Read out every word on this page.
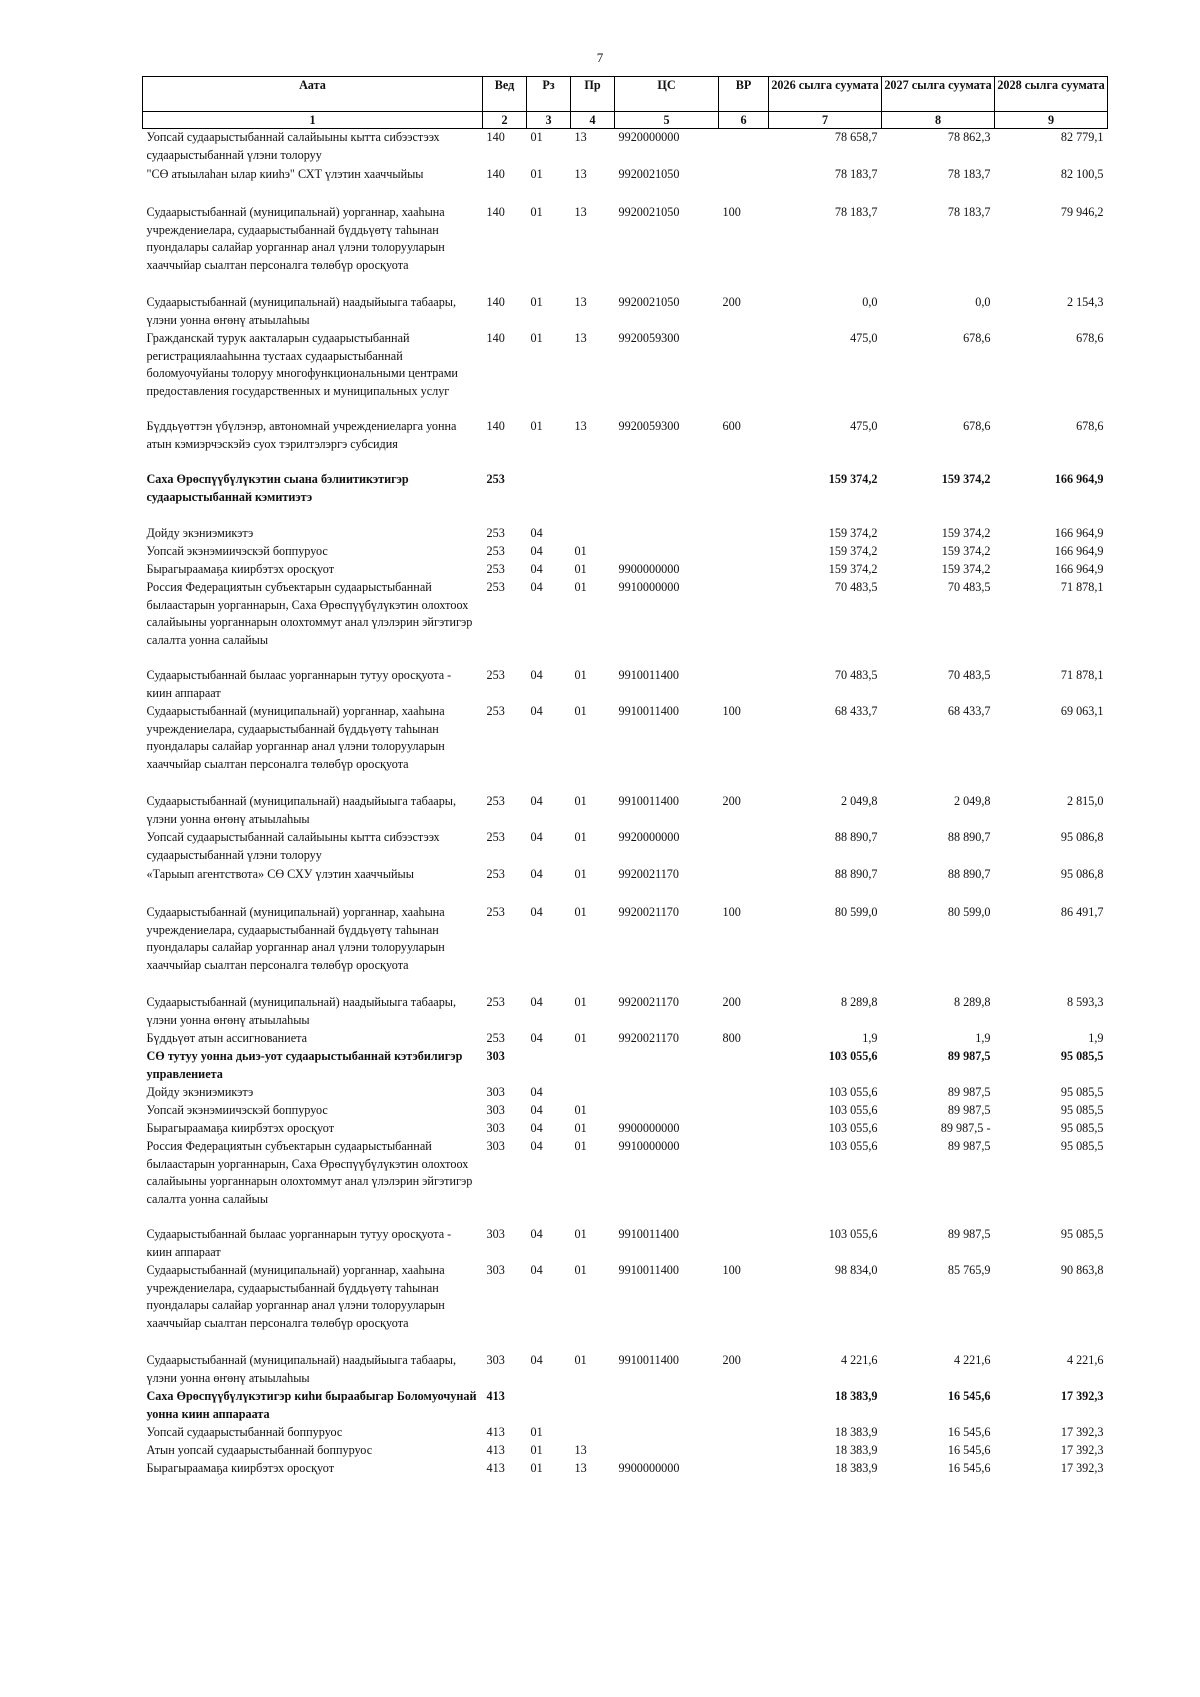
7
Аата	Вед	Рз	Пр	ЦС	ВР	2026 сылга суумата	2027 сылга суумата	2028 сылга суумата
1	2	3	4	5	6	7	8	9
Уопсай судаарыстыбаннай салайыыны кытта сибээстээх судаарыстыбаннай үлэни толоруу	140	01	13	9920000000		78 658,7	78 862,3	82 779,1
"СӨ атыылаһан ылар кииһэ" СХТ үлэтин хааччыйыы	140	01	13	9920021050		78 183,7	78 183,7	82 100,5
Судаарыстыбаннай (муниципальнай) уорганнар, хааһына учреждениелара, судаарыстыбаннай бүддьүөтү таһынан пуондалары салайар уорганнар анал үлэни толорууларын хааччыйар сыалтан персоналга төлөбүр оросқуота	140	01	13	9920021050	100	78 183,7	78 183,7	79 946,2
Судаарыстыбаннай (муниципальнай) наадыйыыга табаары, үлэни уонна өҥөнү атыылаһыы	140	01	13	9920021050	200	0,0	0,0	2 154,3
Гражданскай турук аакталарын судаарыстыбаннай регистрациялааһынна тустаах судаарыстыбаннай боломуочуйаны толоруу многофункциональными центрами предоставления государственных и муниципальных услуг	140	01	13	9920059300		475,0	678,6	678,6
Бүддьүөттэн үбүлэнэр, автономнай учреждениеларга уонна атын кэмиэрчэскэйэ суох тэрилтэлэргэ субсидия	140	01	13	9920059300	600	475,0	678,6	678,6
Саха Өрөспүүбүлүкэтин сыана бэлиитикэтигэр судаарыстыбаннай кэмитиэтэ	253					159 374,2	159 374,2	166 964,9
Дойду экэниэмикэтэ	253	04				159 374,2	159 374,2	166 964,9
Уопсай экэнэмиичэскэй боппуруос	253	04	01			159 374,2	159 374,2	166 964,9
Бырагыраамаҕа киирбэтэх оросқуот	253	04	01	9900000000		159 374,2	159 374,2	166 964,9
Россия Федерациятын субъектарын судаарыстыбаннай былаастарын уорганнарын, Саха Өрөспүүбүлүкэтин олохтоох салайыыны уорганнарын олохтоммут анал үлэлэрин эйгэтигэр салалта уонна салайыы	253	04	01	9910000000		70 483,5	70 483,5	71 878,1
Судаарыстыбаннай былаас уорганнарын тутуу оросқуота - киин аппараат	253	04	01	9910011400		70 483,5	70 483,5	71 878,1
Судаарыстыбаннай (муниципальнай) уорганнар, хааһына учреждениелара, судаарыстыбаннай бүддьүөтү таһынан пуондалары салайар уорганнар анал үлэни толорууларын хааччыйар сыалтан персоналга төлөбүр оросқуота	253	04	01	9910011400	100	68 433,7	68 433,7	69 063,1
Судаарыстыбаннай (муниципальнай) наадыйыыга табаары, үлэни уонна өҥөнү атыылаһыы	253	04	01	9910011400	200	2 049,8	2 049,8	2 815,0
Уопсай судаарыстыбаннай салайыыны кытта сибээстээх судаарыстыбаннай үлэни толоруу	253	04	01	9920000000		88 890,7	88 890,7	95 086,8
«Тарыып агентствота» СӨ СХУ үлэтин хааччыйыы	253	04	01	9920021170		88 890,7	88 890,7	95 086,8
Судаарыстыбаннай (муниципальнай) уорганнар, хааһына учреждениелара, судаарыстыбаннай бүддьүөтү таһынан пуондалары салайар уорганнар анал үлэни толорууларын хааччыйар сыалтан персоналга төлөбүр оросқуота	253	04	01	9920021170	100	80 599,0	80 599,0	86 491,7
Судаарыстыбаннай (муниципальнай) наадыйыыга табаары, үлэни уонна өҥөнү атыылаһыы	253	04	01	9920021170	200	8 289,8	8 289,8	8 593,3
Бүддьүөт атын ассигнованиета	253	04	01	9920021170	800	1,9	1,9	1,9
СӨ тутуу уонна дьиэ-уот судаарыстыбаннай кэтэбилигэр управлениета	303					103 055,6	89 987,5	95 085,5
Дойду экэниэмикэтэ	303	04				103 055,6	89 987,5	95 085,5
Уопсай экэнэмиичэскэй боппуруос	303	04	01			103 055,6	89 987,5	95 085,5
Бырагыраамаҕа киирбэтэх оросқуот	303	04	01	9900000000		103 055,6	89 987,5 -	95 085,5
Россия Федерациятын субъектарын судаарыстыбаннай былаастарын уорганнарын, Саха Өрөспүүбүлүкэтин олохтоох салайыыны уорганнарын олохтоммут анал үлэлэрин эйгэтигэр салалта уонна салайыы	303	04	01	9910000000		103 055,6	89 987,5	95 085,5
Судаарыстыбаннай былаас уорганнарын тутуу оросқуота - киин аппараат	303	04	01	9910011400		103 055,6	89 987,5	95 085,5
Судаарыстыбаннай (муниципальнай) уорганнар, хааһына учреждениелара, судаарыстыбаннай бүддьүөтү таһынан пуондалары салайар уорганнар анал үлэни толорууларын хааччыйар сыалтан персоналга төлөбүр оросқуота	303	04	01	9910011400	100	98 834,0	85 765,9	90 863,8
Судаарыстыбаннай (муниципальнай) наадыйыыга табаары, үлэни уонна өҥөнү атыылаһыы	303	04	01	9910011400	200	4 221,6	4 221,6	4 221,6
Саха Өрөспүүбүлүкэтигэр киһи быраабыгар Боломуочунай уонна киин аппараата	413					18 383,9	16 545,6	17 392,3
Уопсай судаарыстыбаннай боппуруос	413	01				18 383,9	16 545,6	17 392,3
Атын уопсай судаарыстыбаннай боппуруос	413	01	13			18 383,9	16 545,6	17 392,3
Бырагыраамаҕа киирбэтэх оросқуот	413	01	13	9900000000		18 383,9	16 545,6	17 392,3
